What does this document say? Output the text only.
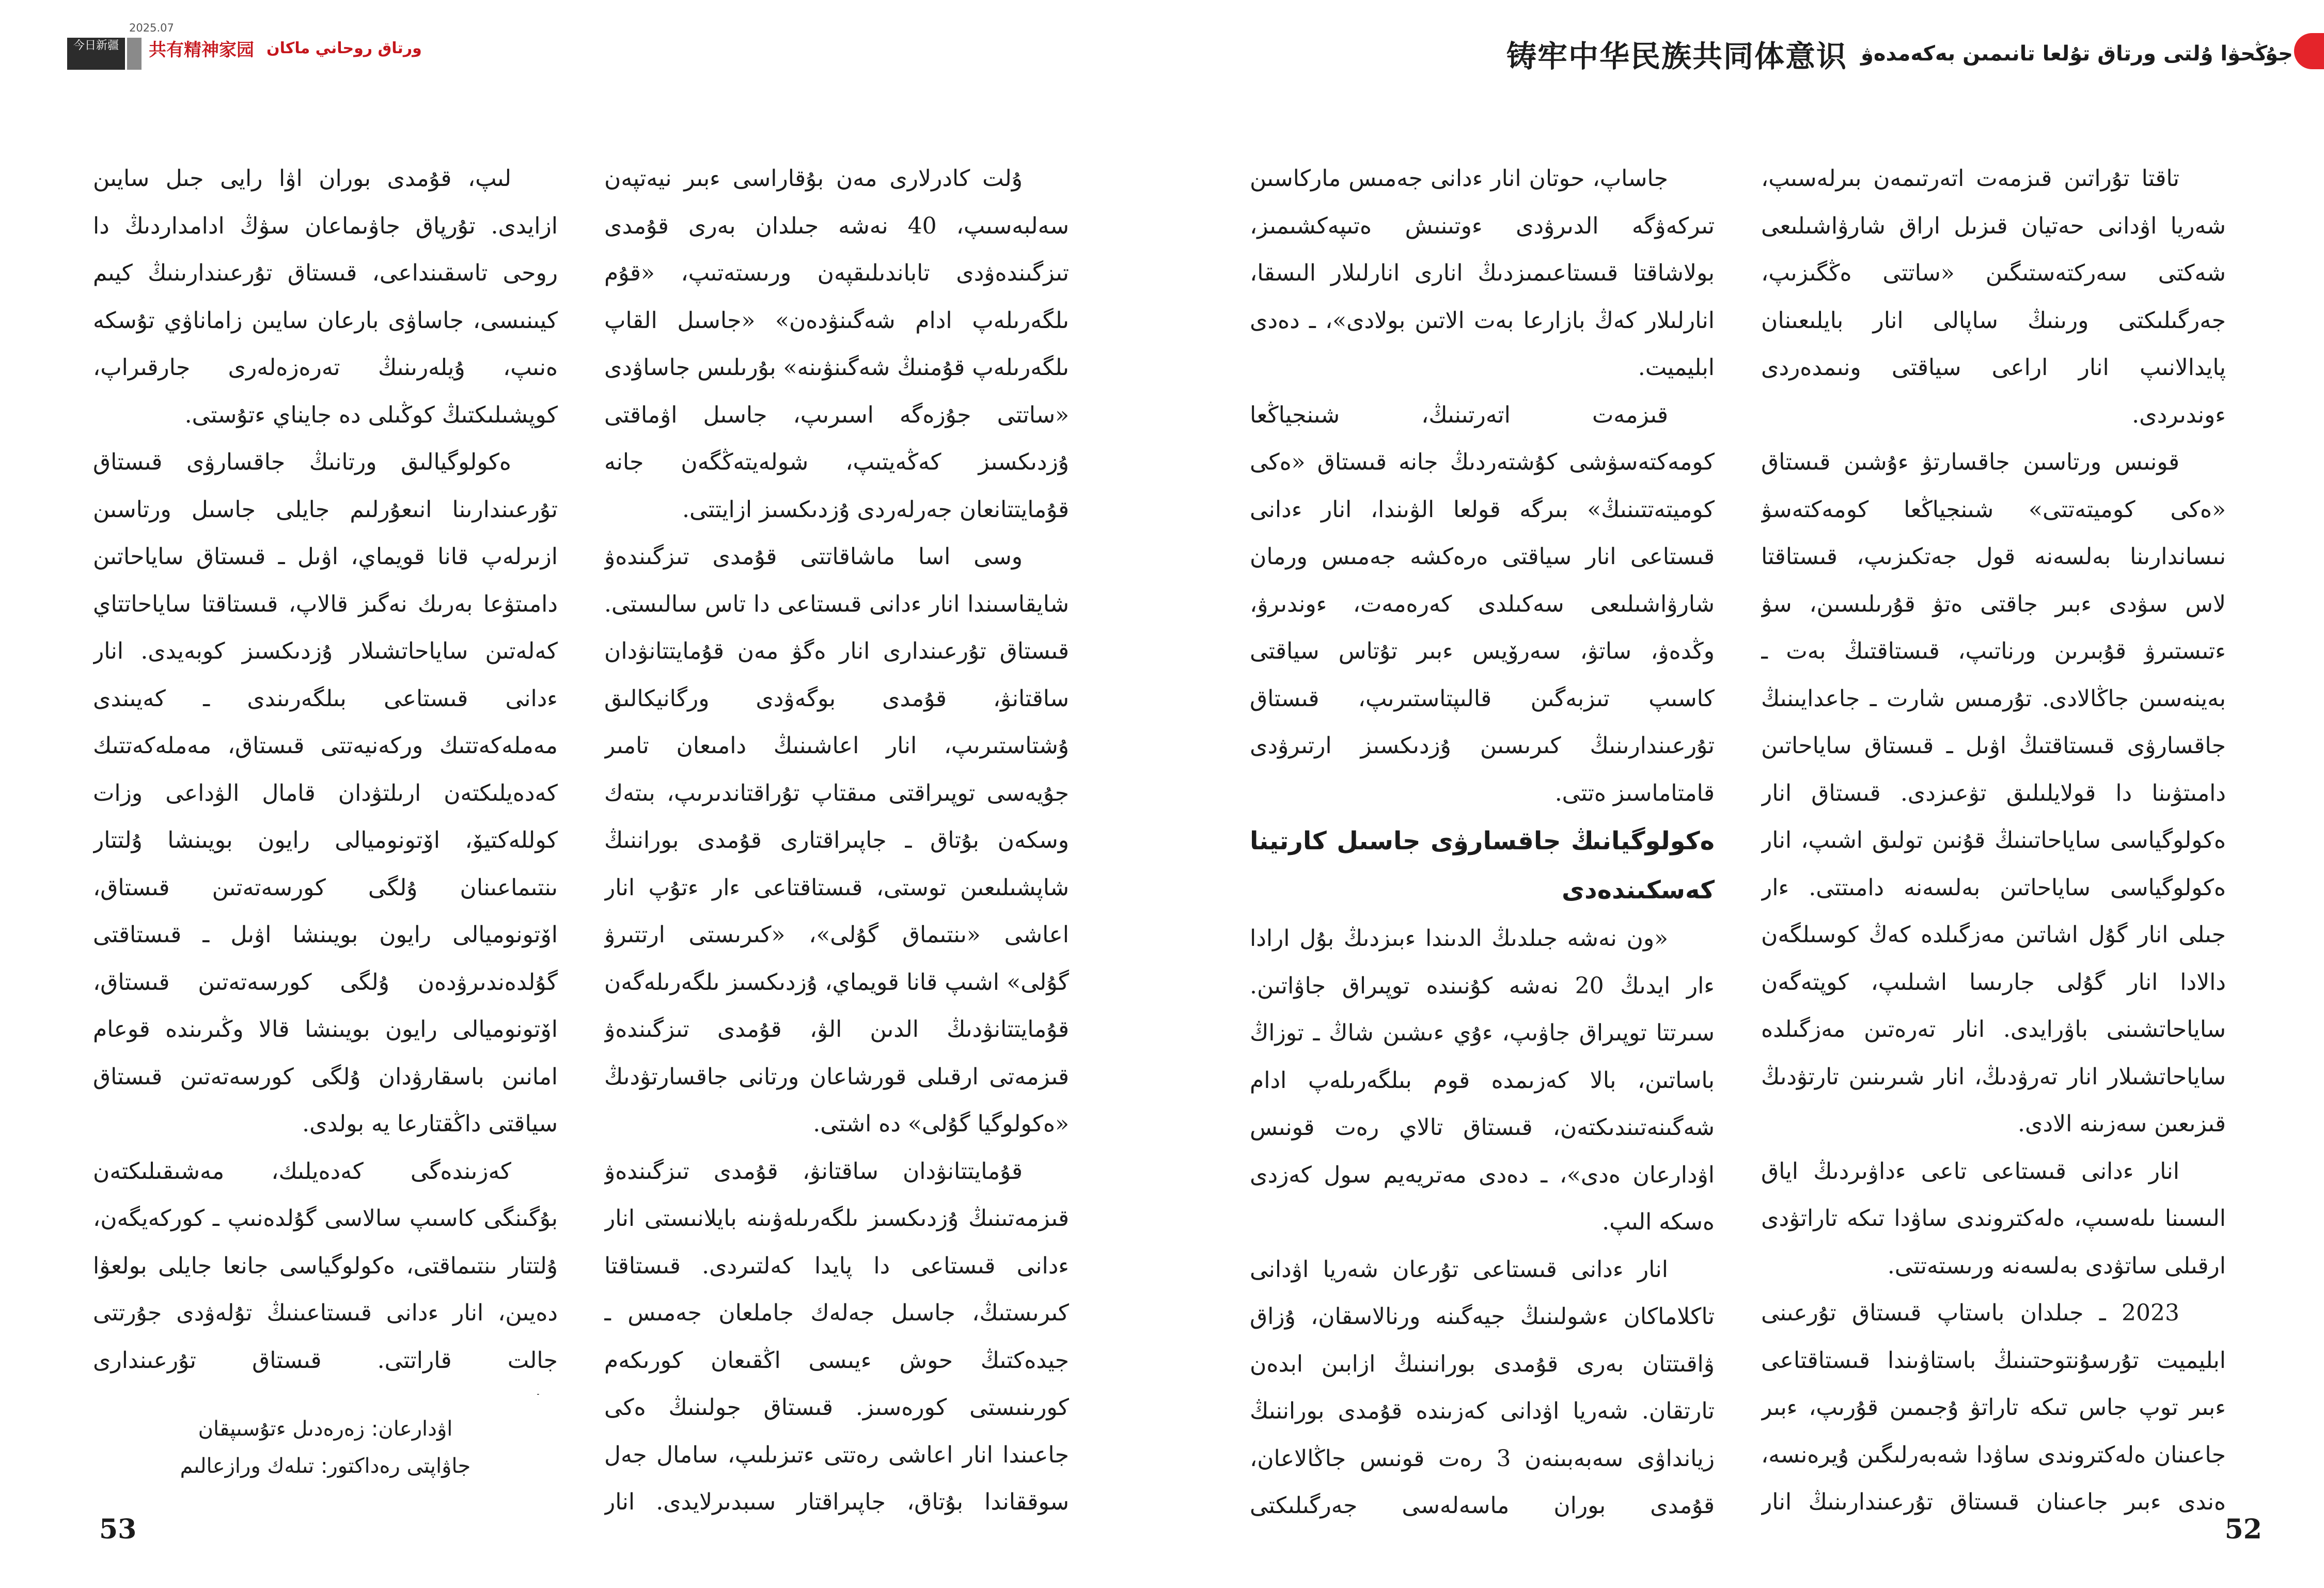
今日新疆	共有精神家园 ورتاق روحاني ماكان
2025.07
铸牢中华民族共同体意识 جۇڭحۋا ۇلتى ورتاق تۇلعا تانىمىن بەكەمدەۋ

تاقتا تۇراتىن قىزمەت اتەرتىمەن بىرلەسىپ، شەريا اۋدانى حەتيان قىزىل اراق شارۋاشىلىعى شەكتى سەركتەستىگىن «ساتتى ەڭگىزىپ، جەرگىلىكتى ورىنىڭ ساپالى انار بايلىعىنان پايدالانىپ انار اراعى سياقتى ونىمدەردى ءوندىردى.

قونىس ورتاسىن جاقسارتۋ ءۇشىن قىستاق «ەكى كوميتەتتى» شىنجياڭعا كومەكتەسۋ نىساندارىنا بەلسەنە قول جەتكىزىپ، قىستاقتا لاس سۋدى ءبىر جاقتى ەتۋ قۇرىلىسىن، سۋ ءتىستىرۋ قۇبىرىن ورناتىپ، قىستاقتىڭ بەت ـ بەينەسىن جاڭالادى. تۇرمىس شارت ـ جاعدايىنىڭ جاقسارۋى قىستاقتىڭ اۋىل ـ قىستاق ساياحاتىن دامىتۋىنا دا قولايلىلىق تۋعىزدى. قىستاق انار ەكولوگياسى ساياحاتىنىڭ قۇنىن تولىق اشىپ، انار ەكولوگياسى ساياحاتىن بەلسەنە دامىتتى. ءار جىلى انار گۇل اشاتىن مەزگىلدە كەڭ كوسىلگەن دالادا انار گۇلى جارىسا اشىلىپ، كوپتەگەن ساياحاتشىنى باۋرايدى. انار تەرەتىن مەزگىلدە ساياحاتشىلار انار تەرۋدىڭ، انار شىرىنىن تارتۋدىڭ قىزىعىن سەزىنە الادى.

انار ءدانى قىستاعى تاعى ءداۋىردىڭ اياق الىسىنا ىلەسىپ، ەلەكتروندى ساۋدا تىكە تاراتۋدى ارقىلى ساتۋدى بەلسەنە ورىستەتتى.

2023 ـ جىلدان باستاپ قىستاق تۇرعىنى ابليميت تۇرسۇنتوحتىنىڭ باستاۋىندا قىستاقتاعى ءبىر توپ جاس تىكە تاراتۋ ۇجىمىن قۇرىپ، ءبىر جاعىنان ەلەكتروندى ساۋدا شەبەرلىگىن ۇيرەنسە، ەندى ءبىر جاعىنان قىستاق تۇرعىندارىنىڭ انار

جاساپ، حوتان انار ءدانى جەمىس ماركاسىن تىركەۋگە الدىرۋدى ءوتىنىش ەتىپەكشىمىز، بولاشاقتا قىستاعىمىزدىڭ انارى انارلىلار الىسقا، انارلىلار كەڭ بازارعا بەت الاتىن بولادى»، ـ دەدى ابليميت.

قىزمەت اتەرتىنىڭ، شىنجياڭعا كومەكتەسۋشى كۇشتەردىڭ جانە قىستاق «ەكى كوميتەتتىنىڭ» بىرگە قولعا الۋىندا، انار ءدانى قىستاعى انار سياقتى ەرەكشە جەمىس ورمان شارۋاشىلىعى سەكىلدى كەرەمەت، ءوندىرۋ، وڭدەۋ، ساتۋ، سەرۆيس ءبىر تۇتاس سياقتى كاسىپ تىزبەگىن قالىپتاستىرىپ، قىستاق تۇرعىندارىنىڭ كىرىسىن ۇزدىكسىز ارتىرۋدى قامتاماسىز ەتتى.

ەكولوگيانىڭ جاقسارۋى جاسىل كارتينا كەسكىندەدى

«ون نەشە جىلدىڭ الدىندا ءبىزدىڭ بۇل ارادا ءار ايدىڭ 20 نەشە كۇنىندە توپىراق جاۋاتىن. سىرتتا توپىراق جاۋىپ، ءۇي ءىشىن شاڭ ـ توزاڭ باساتىن، بالا كەزىمدە قوم بىلگەرىلەپ ادام شەگىنەتىندىكتەن، قىستاق تالاي رەت قونىس اۋدارعان ەدى»، ـ دەدى مەتريەيم سول كەزدى ەسكە الىپ.

انار ءدانى قىستاعى تۇرعان شەريا اۋدانى تاكلاماكان ءشولىنىڭ جيەگىنە ورنالاسقان، ۇزاق ۋاقىتتان بەرى قۇمدى بورانىنىڭ ازابىن ابدەن تارتقان. شەريا اۋدانى كەزىندە قۇمدى بوراننىڭ زيانداۋى سەبەبىنەن 3 رەت قونىس جاڭالاعان، قۇمدى بوران ماسەلەسى جەرگىلىكتى

ۇلت كادرلارى مەن بۇقاراسى ءبىر نيەتپەن سەلبەسىپ، 40 نەشە جىلدان بەرى قۇمدى تىزگىندەۋدى تاباندىلىقپەن ورىستەتىپ، «قۇم ىلگەرىلەپ ادام شەگىنۋدەن» «جاسىل القاپ ىلگەرىلەپ قۇمنىڭ شەگىنۋىنە» بۇرىلىس جاساۋدى «ساتتى جۇزەگە اسىرىپ، جاسىل اۋماقتى ۇزدىكسىز كەڭەيتىپ، شولەيتەڭگەن جانە قۇمايتتانعان جەرلەردى ۇزدىكسىز ازايتتى.

وسى اسا ماشاقاتتى قۇمدى تىزگىندەۋ شايقاسىندا انار ءدانى قىستاعى دا تاس سالىستى. قىستاق تۇرعىندارى انار ەگۋ مەن قۇمايتتانۋدان ساقتانۋ، قۇمدى بوگەۋدى ورگانيكالىق ۇشتاستىرىپ، انار اعاشىنىڭ دامىعان تامىر جۇيەسى توپىراقتى مىقتاپ تۇراقتاندىرىپ، بىتەك وسكەن بۇتاق ـ جاپىراقتارى قۇمدى بوراننىڭ شاپشىلىعىن توستى، قىستاقتاعى ءار ءتۇپ انار اعاشى «ىنتىماق گۇلى»، «كىرىستى ارتتىرۋ گۇلى» اشىپ قانا قويماي، ۇزدىكسىز ىلگەرىلەگەن قۇمايتتانۋدىڭ الدىن الۋ، قۇمدى تىزگىندەۋ قىزمەتى ارقىلى قورشاعان ورتانى جاقسارتۋدىڭ «ەكولوگيا گۇلى» دە اشتى.

قۇمايتتانۋدان ساقتانۋ، قۇمدى تىزگىندەۋ قىزمەتىنىڭ ۇزدىكسىز ىلگەرىلەۋىنە بايلانىستى انار ءدانى قىستاعى دا پايدا كەلتىردى. قىستاقتا كىرىستىڭ، جاسىل جەلەك جاملعان جەمىس ـ جيدەكتىڭ حوش ءيىسى اڭقىعان كورىكەم كورىنىستى كورەسىز. قىستاق جولىنىڭ ەكى جاعىندا انار اعاشى رەتتى ءتىزىلىپ، سامال جەل سوققاندا بۇتاق، جاپىراقتار سىبدىرلايدى. انار

لىپ، قۇمدى بوران اۋا رايى جىل سايىن ازايدى. تۇرپاق جاۋىماعان سۋڭ ادامداردىڭ دا روحى تاسقىنداعى، قىستاق تۇرعىندارىنىڭ كيىم كيىنىسى، جاساۋى بارعان سايىن زاماناۋي تۇسكە ەنىپ، ۇيلەرىنىڭ تەرەزەلەرى جارقىراپ، كوپشىلىكتىڭ كوڭىلى دە جايناي ءتۇستى.

ەكولوگيالىق ورتانىڭ جاقسارۋى قىستاق تۇرعىندارىنا انىعۇرلىم جايلى جاسىل ورتاسىن ازىرلەپ قانا قويماي، اۋىل ـ قىستاق ساياحاتىن دامىتۋعا بەرىك نەگىز قالاپ، قىستاقتا ساياحاتتاي كەلەتىن ساياحاتشىلار ۇزدىكسىز كوبەيدى. انار ءدانى قىستاعى بىلگەرىندى ـ كەيىندى مەملەكەتتىك وركەنيەتتى قىستاق، مەملەكەتتىك كەدەيلىكتەن ارىلتۋدان قامال الۋداعى وزات كوللەكتيۆ، اۆتونوميالى رايون بويىنشا ۇلتتار ىنتىماعىنان ۇلگى كورسەتەتىن قىستاق، اۆتونوميالى رايون بويىنشا اۋىل ـ قىستاقتى گۇلدەندىرۋدەن ۇلگى كورسەتەتىن قىستاق، اۆتونوميالى رايون بويىنشا قالا وڭىرىندە قوعام امانىن باسقارۋدان ۇلگى كورسەتەتىن قىستاق سياقتى داڭقتارعا يە بولدى.

كەزىندەگى كەدەيلىك، مەشىقىلىكتەن بۇگىنگى كاسىپ سالاسى گۇلدەنىپ ـ كوركەيگەن، ۇلتتار ىنتىماقتى، ەكولوگياسى جانعا جايلى بولعۋا دەيىن، انار ءدانى قىستاعىنىڭ تۇلەۋدى جۇرتتى جالت قاراتتى. قىستاق تۇرعىندارى

اۋدارعان: زەرەدىل ءتۇسىپقان
جاۋاپتى رەداكتور: تىلەك ورازعالىم
53	52
